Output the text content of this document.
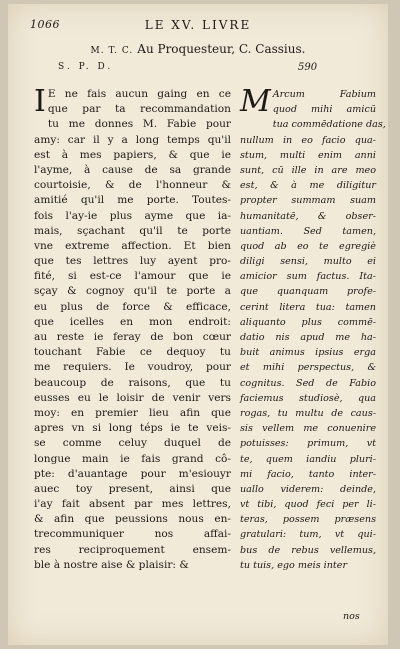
1066	LE XV. LIVRE
M. T. C. Au Proquesteur, C. Cassius.
S. P. D.	590
I E ne fais aucun gaing en ce
que par ta recommandation
tu me donnes M. Fabie pour
amy: car il y a long temps qu'il
est à mes papiers, & que ie
l'ayme, à cause de sa grande
courtoisie, & de l'honneur &
amitié qu'il me porte. Toutes-
fois l'ay-ie plus ayme que ia-
mais, sçachant qu'il te porte
vne extreme affection. Et bien
que tes lettres luy ayent pro-
fité, si est-ce l'amour que ie
sçay & cognoy qu'il te porte a
eu plus de force & efficace,
que icelles en mon endroit:
au reste ie feray de bon cœur
touchant Fabie ce dequoy tu
me requiers. Ie voudroy, pour
beaucoup de raisons, que tu
eusses eu le loisir de venir vers
moy: en premier lieu afin que
apres vn si long téps ie te veis-
se comme celuy duquel de
longue main ie fais grand cô-
pte: d'auantage pour m'esiouyr
auec toy present, ainsi que
i'ay fait absent par mes lettres,
& afin que peussions nous en-
trecommuniquer nos affai-
res reciproquement ensem-
ble à nostre aise & plaisir: &
M Arcum Fabium
quod mihi amicū
tua commēdatione das,
nullum in eo facio qua-
stum, multi enim anni
sunt, cū ille in are meo
est, & à me diligitur
propter summam suam
humanitatē, & obser-
uantiam. Sed tamen,
quod ab eo te egregiè
diligi sensi, multo ei
amicior sum factus. Ita-
que quanquam profe-
cerint litera tua: tamen
aliquanto plus commē-
datio nis apud me ha-
buit animus ipsius erga
et mihi perspectus, &
cognitus. Sed de Fabio
faciemus studiosè, qua
rogas, tu multu de caus-
sis vellem me conuenire
potuisses: primum, vt
te, quem iandiu pluri-
mi facio, tanto inter-
uallo viderem: deinde,
vt tibi, quod feci per li-
teras, possem præsens
gratulari: tum, vt qui-
bus de rebus vellemus,
tu tuis, ego meis inter
nos
